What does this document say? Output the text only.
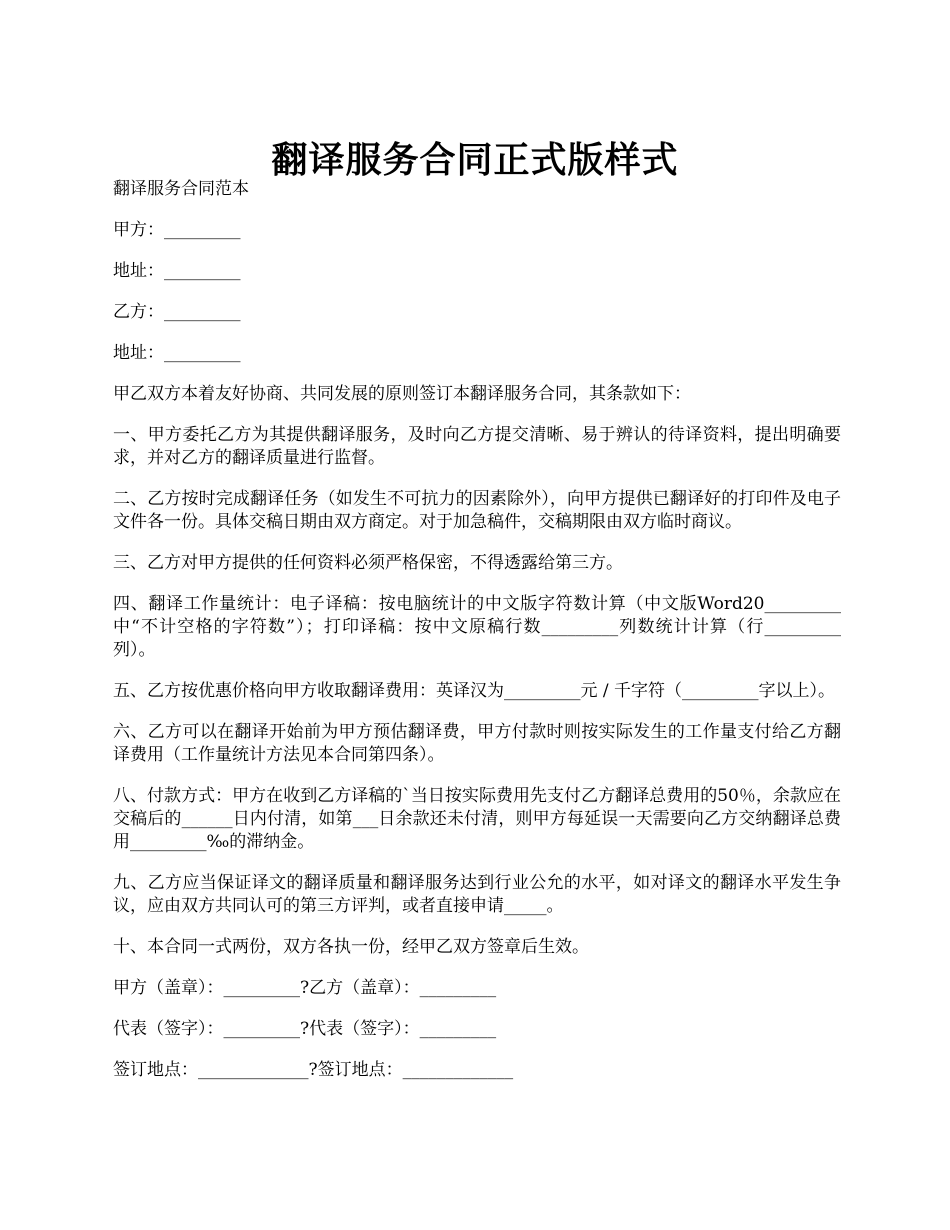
翻译服务合同正式版样式

翻译服务合同范本

甲方：_________

地址：_________

乙方：_________

地址：_________

甲乙双方本着友好协商、共同发展的原则签订本翻译服务合同，其条款如下：

一、甲方委托乙方为其提供翻译服务，及时向乙方提交清晰、易于辨认的待译资料，提出明确要求，并对乙方的翻译质量进行监督。

二、乙方按时完成翻译任务（如发生不可抗力的因素除外），向甲方提供已翻译好的打印件及电子文件各一份。具体交稿日期由双方商定。对于加急稿件，交稿期限由双方临时商议。

三、乙方对甲方提供的任何资料必须严格保密，不得透露给第三方。

四、翻译工作量统计：电子译稿：按电脑统计的中文版字符数计算（中文版Word20_________中“不计空格的字符数”）；打印译稿：按中文原稿行数_________列数统计计算（行_________列）。

五、乙方按优惠价格向甲方收取翻译费用：英译汉为_________元 / 千字符（_________字以上）。

六、乙方可以在翻译开始前为甲方预估翻译费，甲方付款时则按实际发生的工作量支付给乙方翻译费用（工作量统计方法见本合同第四条）。

八、付款方式：甲方在收到乙方译稿的`当日按实际费用先支付乙方翻译总费用的50％，余款应在交稿后的______日内付清，如第___日余款还未付清，则甲方每延误一天需要向乙方交纳翻译总费用_________‰的滞纳金。

九、乙方应当保证译文的翻译质量和翻译服务达到行业公允的水平，如对译文的翻译水平发生争议，应由双方共同认可的第三方评判，或者直接申请_____。

十、本合同一式两份，双方各执一份，经甲乙双方签章后生效。

甲方（盖章）：_________?乙方（盖章）：_________

代表（签字）：_________?代表（签字）：_________

签订地点：_____________?签订地点：_____________
